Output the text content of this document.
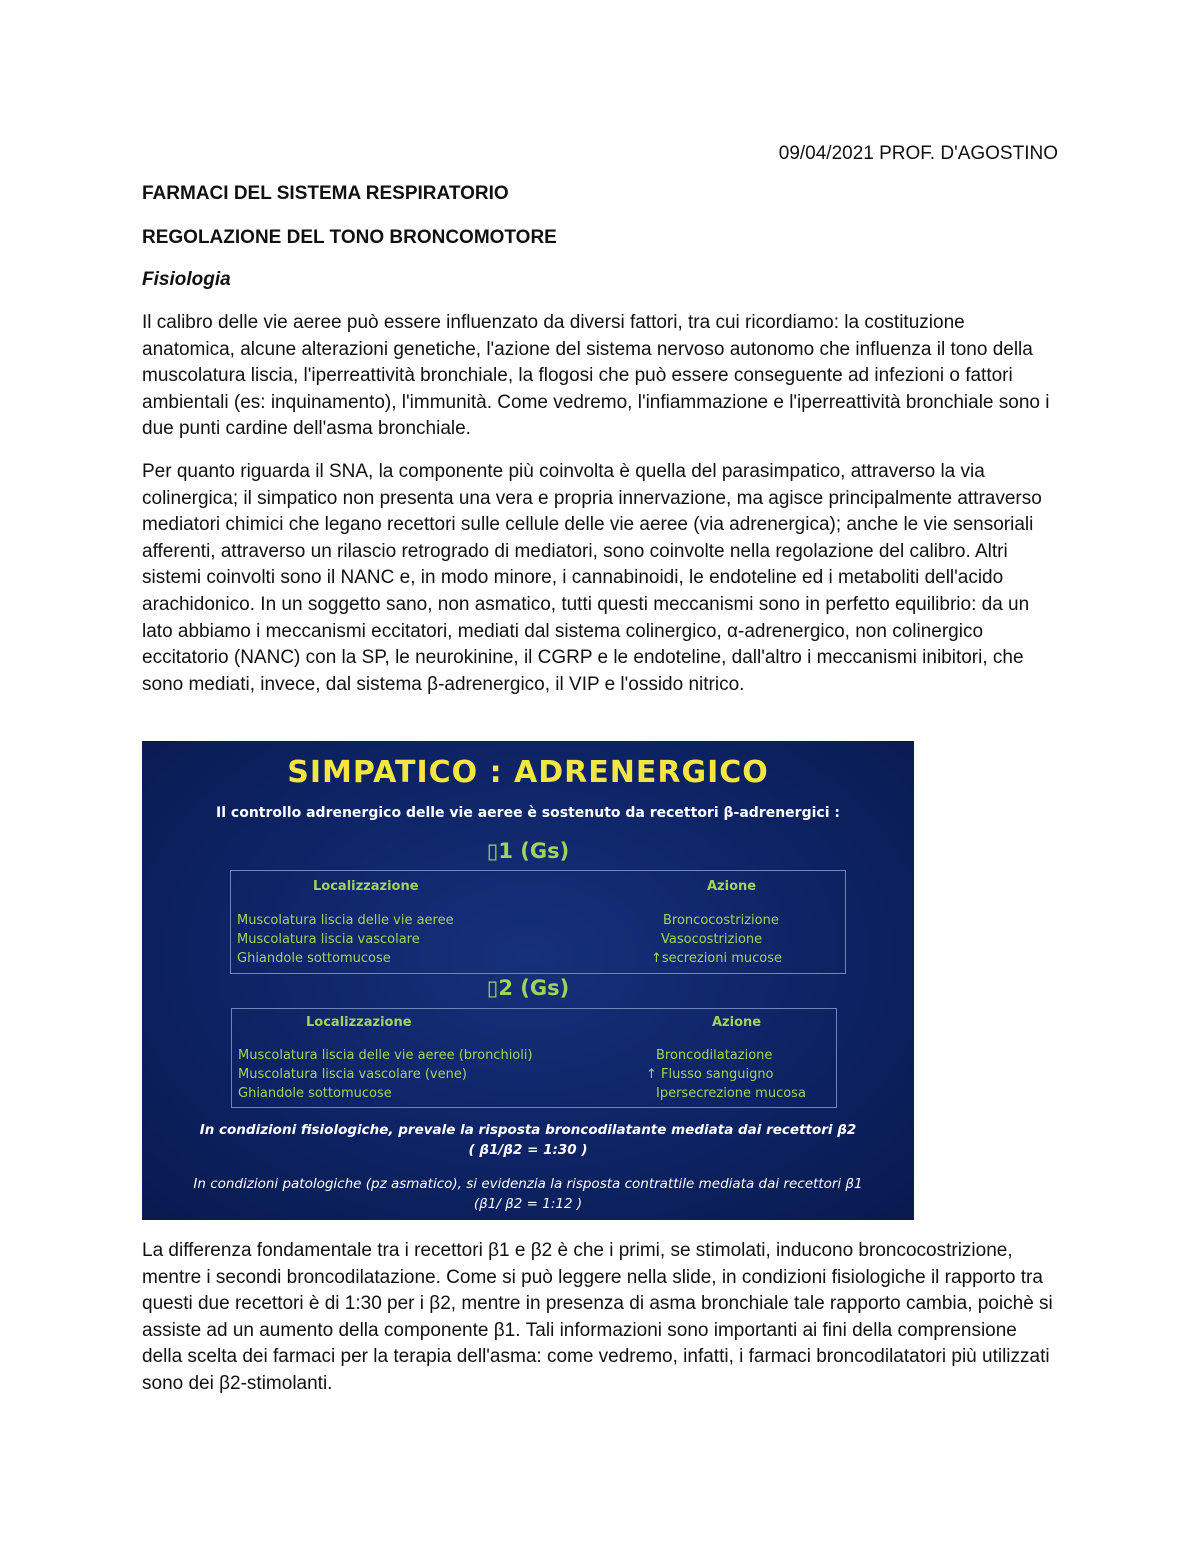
09/04/2021 PROF. D'AGOSTINO
FARMACI DEL SISTEMA RESPIRATORIO
REGOLAZIONE DEL TONO BRONCOMOTORE
Fisiologia

Il calibro delle vie aeree può essere influenzato da diversi fattori, tra cui ricordiamo: la costituzione anatomica, alcune alterazioni genetiche, l'azione del sistema nervoso autonomo che influenza il tono della muscolatura liscia, l'iperreattività bronchiale, la flogosi che può essere conseguente ad infezioni o fattori ambientali (es: inquinamento), l'immunità. Come vedremo, l'infiammazione e l'iperreattività bronchiale sono i due punti cardine dell'asma bronchiale.

Per quanto riguarda il SNA, la componente più coinvolta è quella del parasimpatico, attraverso la via colinergica; il simpatico non presenta una vera e propria innervazione, ma agisce principalmente attraverso mediatori chimici che legano recettori sulle cellule delle vie aeree (via adrenergica); anche le vie sensoriali afferenti, attraverso un rilascio retrogrado di mediatori, sono coinvolte nella regolazione del calibro. Altri sistemi coinvolti sono il NANC e, in modo minore, i cannabinoidi, le endoteline ed i metaboliti dell'acido arachidonico. In un soggetto sano, non asmatico, tutti questi meccanismi sono in perfetto equilibrio: da un lato abbiamo i meccanismi eccitatori, mediati dal sistema colinergico, α-adrenergico, non colinergico eccitatorio (NANC) con la SP, le neurokinine, il CGRP e le endoteline, dall'altro i meccanismi inibitori, che sono mediati, invece, dal sistema β-adrenergico, il VIP e l'ossido nitrico.

SIMPATICO : ADRENERGICO
Il controllo adrenergico delle vie aeree è sostenuto da recettori β-adrenergici :
▯1 (Gs)
Localizzazione	Azione
Muscolatura liscia delle vie aeree
Muscolatura liscia vascolare
Ghiandole sottomucose
Broncocostrizione
Vasocostrizione
↑secrezioni mucose
▯2 (Gs)
Localizzazione	Azione
Muscolatura liscia delle vie aeree (bronchioli)
Muscolatura liscia vascolare (vene)
Ghiandole sottomucose
Broncodilatazione
↑ Flusso sanguigno
Ipersecrezione mucosa
In condizioni fisiologiche, prevale la risposta broncodilatante mediata dai recettori β2
( β1/β2 = 1:30 )
In condizioni patologiche (pz asmatico), si evidenzia la risposta contrattile mediata dai recettori β1
(β1/ β2 = 1:12 )

La differenza fondamentale tra i recettori β1 e β2 è che i primi, se stimolati, inducono broncocostrizione, mentre i secondi broncodilatazione. Come si può leggere nella slide, in condizioni fisiologiche il rapporto tra questi due recettori è di 1:30 per i β2, mentre in presenza di asma bronchiale tale rapporto cambia, poichè si assiste ad un aumento della componente β1. Tali informazioni sono importanti ai fini della comprensione della scelta dei farmaci per la terapia dell'asma: come vedremo, infatti, i farmaci broncodilatatori più utilizzati sono dei β2-stimolanti.
